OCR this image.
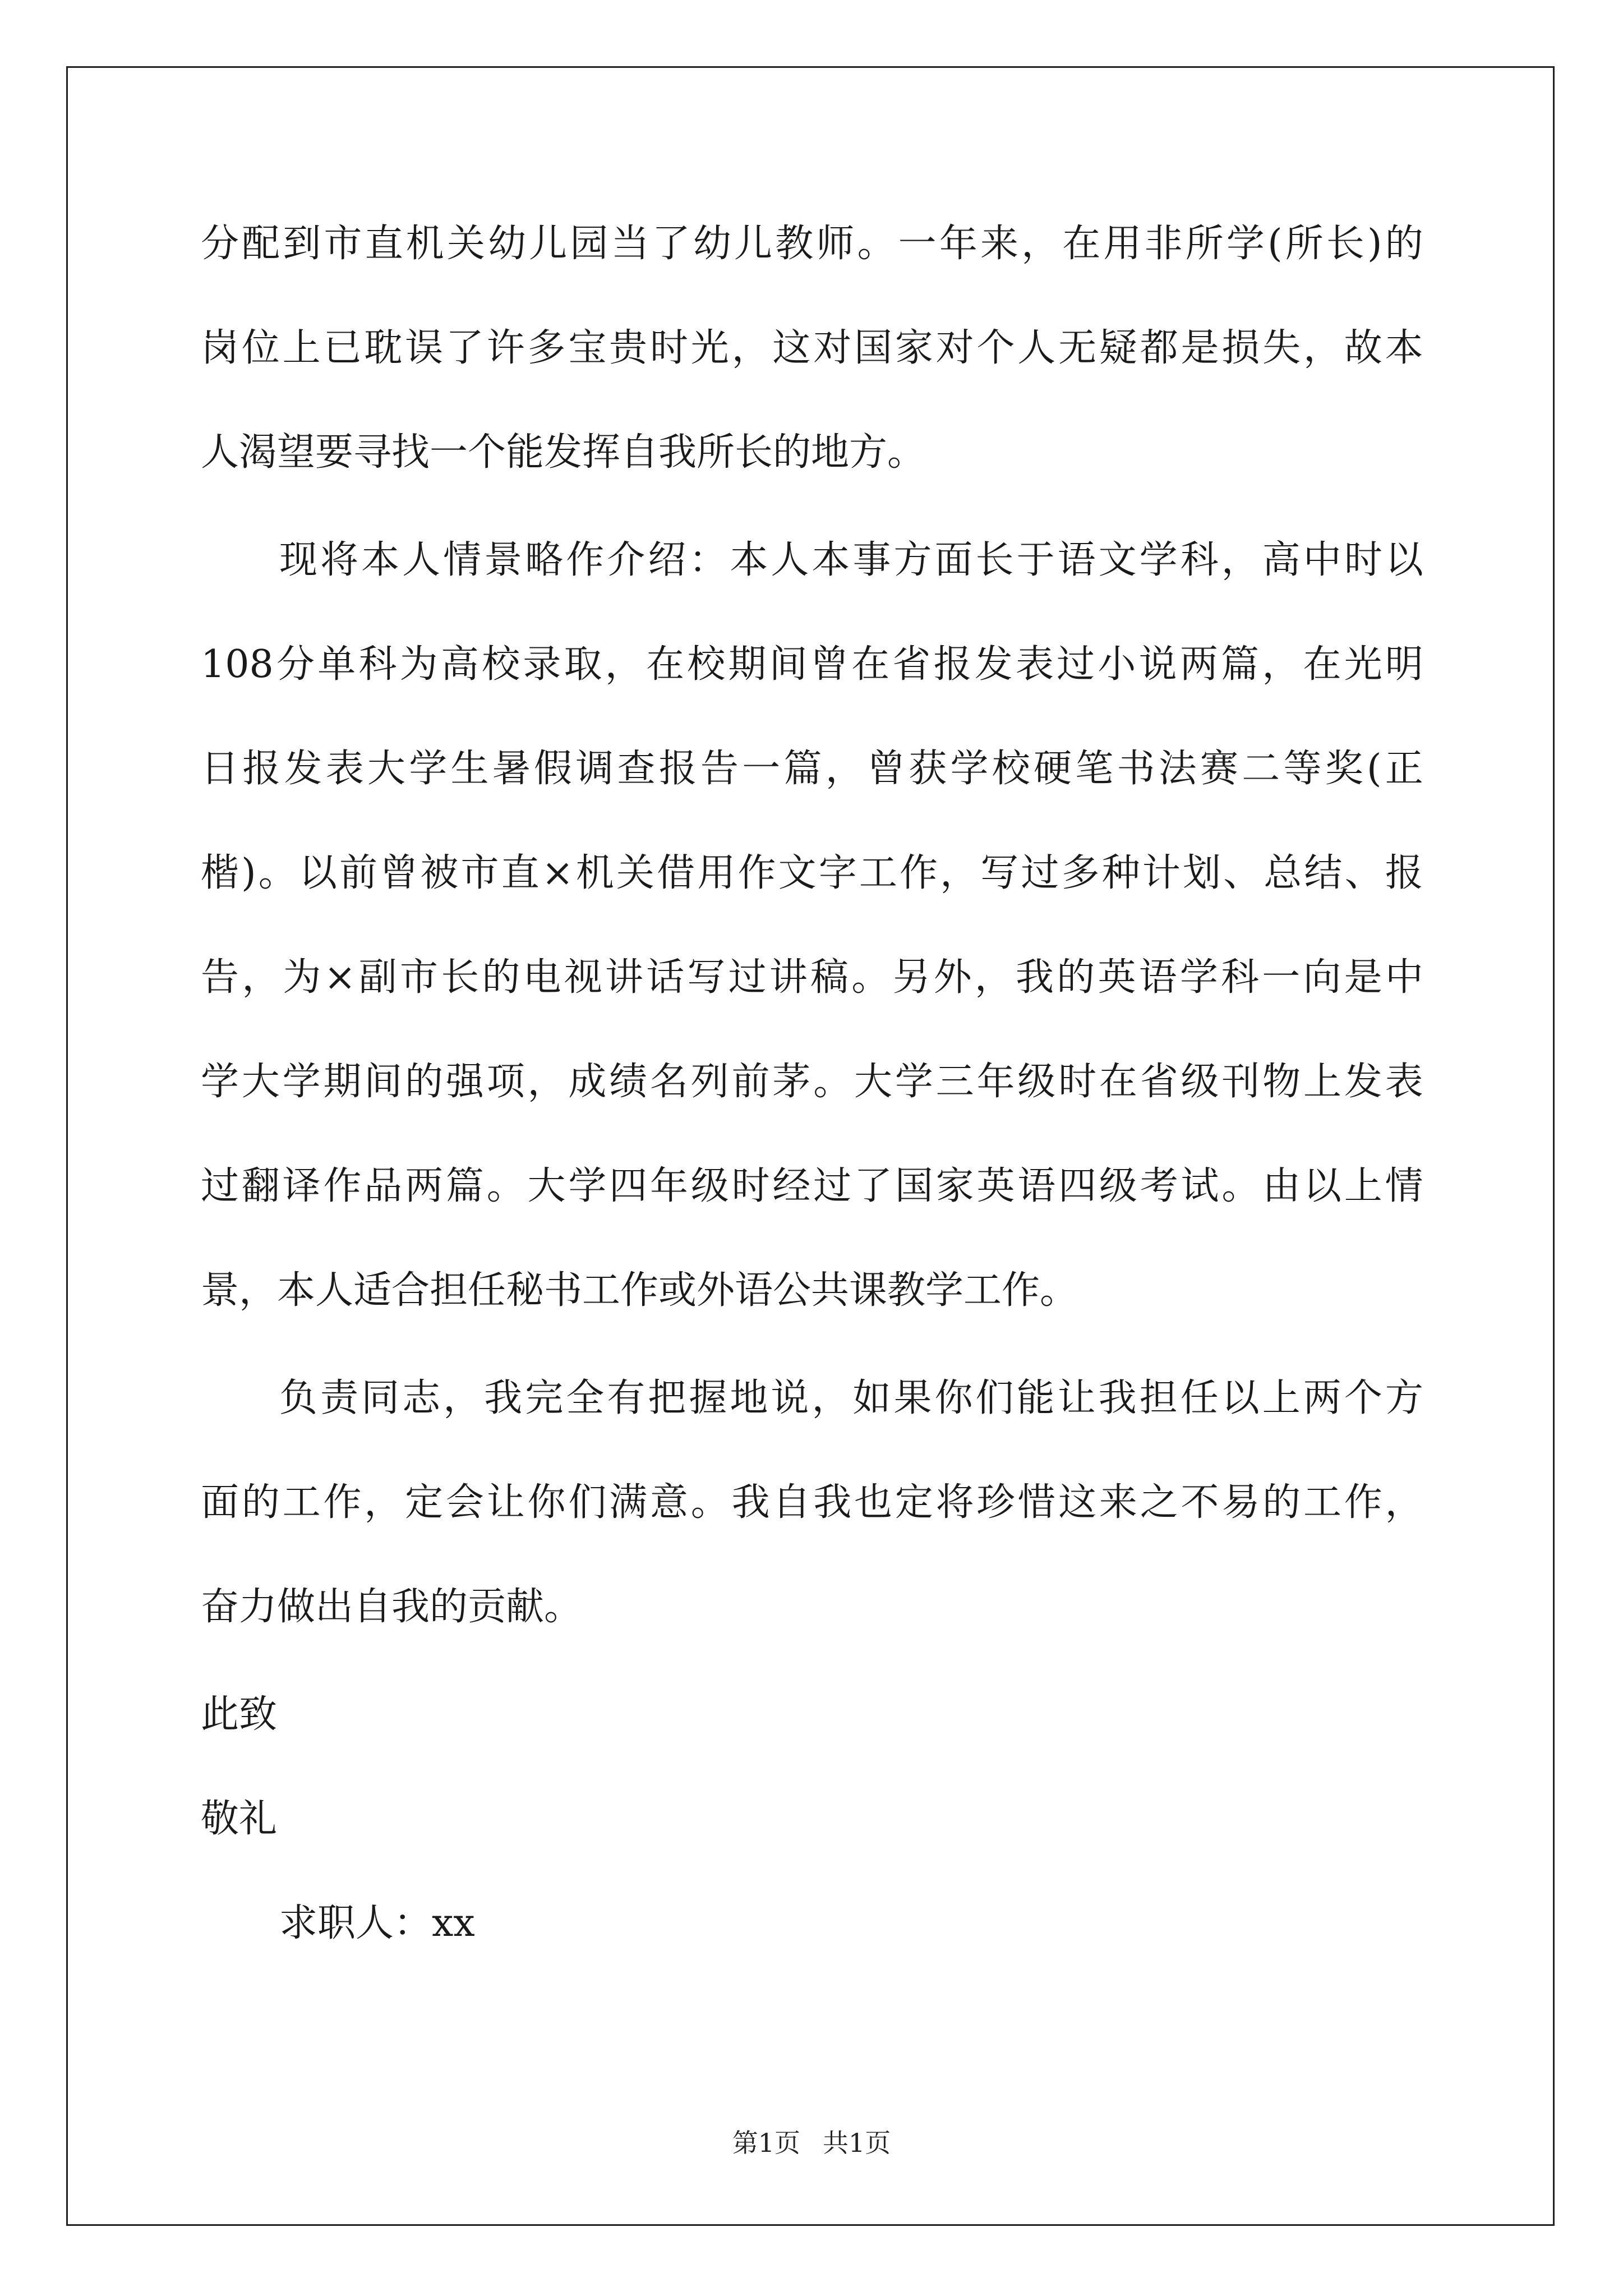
分 配 到 市 直 机 关 幼 儿 园 当 了 幼 儿 教 师 。 一 年 来 ， 在 用 非 所 学 ( 所 长 ) 的
岗 位 上 已 耽 误 了 许 多 宝 贵 时 光 ， 这 对 国 家 对 个 人 无 疑 都 是 损 失 ， 故 本
人渴望要寻找一个能发挥自我所长的地方。
现 将 本 人 情 景 略 作 介 绍 ： 本 人 本 事 方 面 长 于 语 文 学 科 ， 高 中 时 以
108 分 单 科 为 高 校 录 取 ， 在 校 期 间 曾 在 省 报 发 表 过 小 说 两 篇 ， 在 光 明
日 报 发 表 大 学 生 暑 假 调 查 报 告 一 篇 ， 曾 获 学 校 硬 笔 书 法 赛 二 等 奖 ( 正
楷 ) 。 以 前 曾 被 市 直 × 机 关 借 用 作 文 字 工 作 ， 写 过 多 种 计 划 、 总 结 、 报
告 ， 为 × 副 市 长 的 电 视 讲 话 写 过 讲 稿 。 另 外 ， 我 的 英 语 学 科 一 向 是 中
学 大 学 期 间 的 强 项 ， 成 绩 名 列 前 茅 。 大 学 三 年 级 时 在 省 级 刊 物 上 发 表
过 翻 译 作 品 两 篇 。 大 学 四 年 级 时 经 过 了 国 家 英 语 四 级 考 试 。 由 以 上 情
景，本人适合担任秘书工作或外语公共课教学工作。
负 责 同 志 ， 我 完 全 有 把 握 地 说 ， 如 果 你 们 能 让 我 担 任 以 上 两 个 方
面 的 工 作 ， 定 会 让 你 们 满 意 。 我 自 我 也 定 将 珍 惜 这 来 之 不 易 的 工 作 ，
奋力做出自我的贡献。
此致
敬礼
求职人：xx
第1页 共1页
